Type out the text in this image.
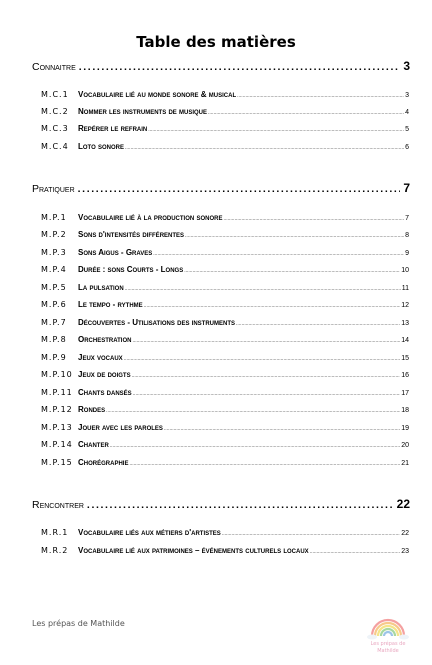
Table des matières
Connaitre .....	3
M.C.1	Vocabulaire lié au monde sonore & musical .....	3
M.C.2	Nommer les instruments de musique .....	4
M.C.3	Repérer le refrain .....	5
M.C.4	Loto sonore .....	6
Pratiquer .....	7
M.P.1	Vocabulaire lié à la production sonore .....	7
M.P.2	Sons d'intensités différentes .....	8
M.P.3	Sons Aigus - Graves .....	9
M.P.4	Durée : sons Courts - Longs .....	10
M.P.5	La pulsation .....	11
M.P.6	Le tempo - rythme .....	12
M.P.7	Découvertes - Utilisations des instruments .....	13
M.P.8	Orchestration .....	14
M.P.9	Jeux vocaux .....	15
M.P.10 Jeux de doigts .....	16
M.P.11 Chants dansés .....	17
M.P.12 Rondes .....	18
M.P.13 Jouer avec les paroles .....	19
M.P.14 Chanter .....	20
M.P.15 Chorégraphie .....	21
Rencontrer .....	22
M.R.1	Vocabulaire liés aux métiers d'artistes .....	22
M.R.2	Vocabulaire lié aux patrimoines – événements culturels locaux .....	23
Les prépas de Mathilde
Les prépas de
Mathilde
